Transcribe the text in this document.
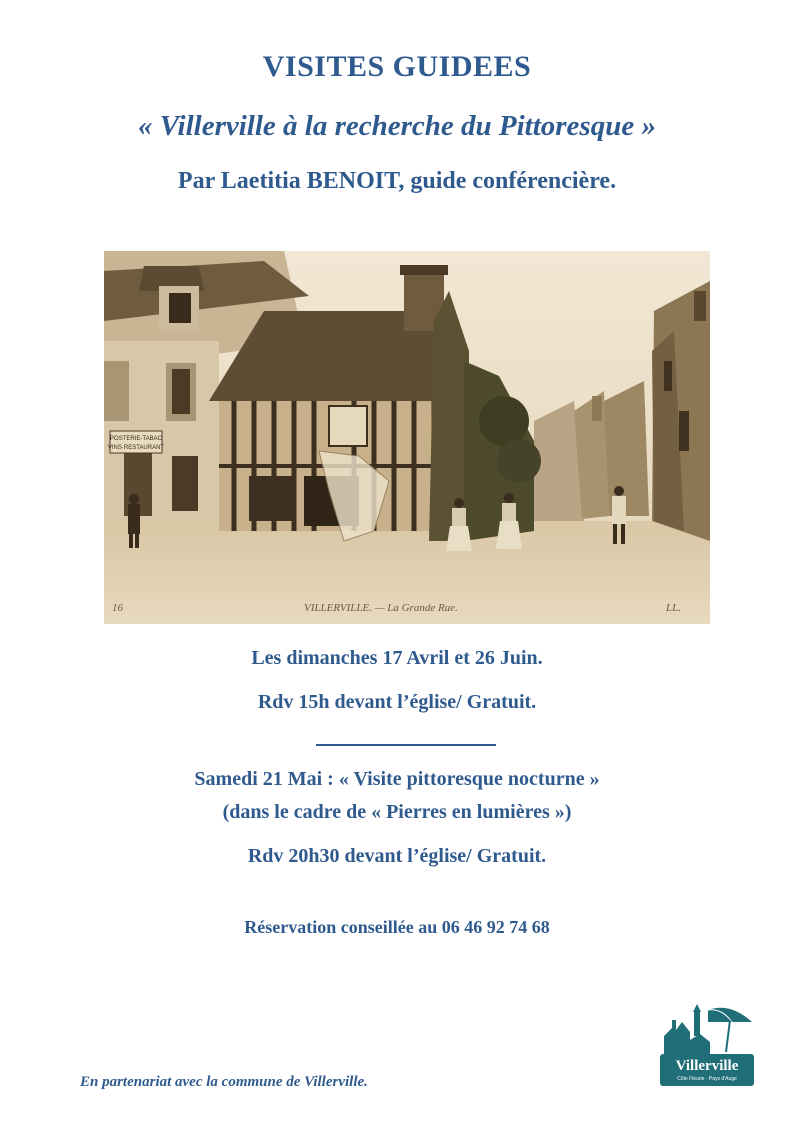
VISITES GUIDEES
« Villerville à la recherche du Pittoresque »
Par Laetitia BENOIT, guide conférencière.
POSTERIE-TABAC
VINS·RESTAURANT
16	VILLERVILLE. — La Grande Rue.	LL.
Les dimanches 17 Avril et 26 Juin.
Rdv 15h devant l’église/ Gratuit.
Samedi 21 Mai : « Visite pittoresque nocturne »
(dans le cadre de « Pierres en lumières »)
Rdv 20h30 devant l’église/ Gratuit.
Réservation conseillée au 06 46 92 74 68
Villerville
Côte Fleurie · Pays d'Auge
En partenariat avec la commune de Villerville.
